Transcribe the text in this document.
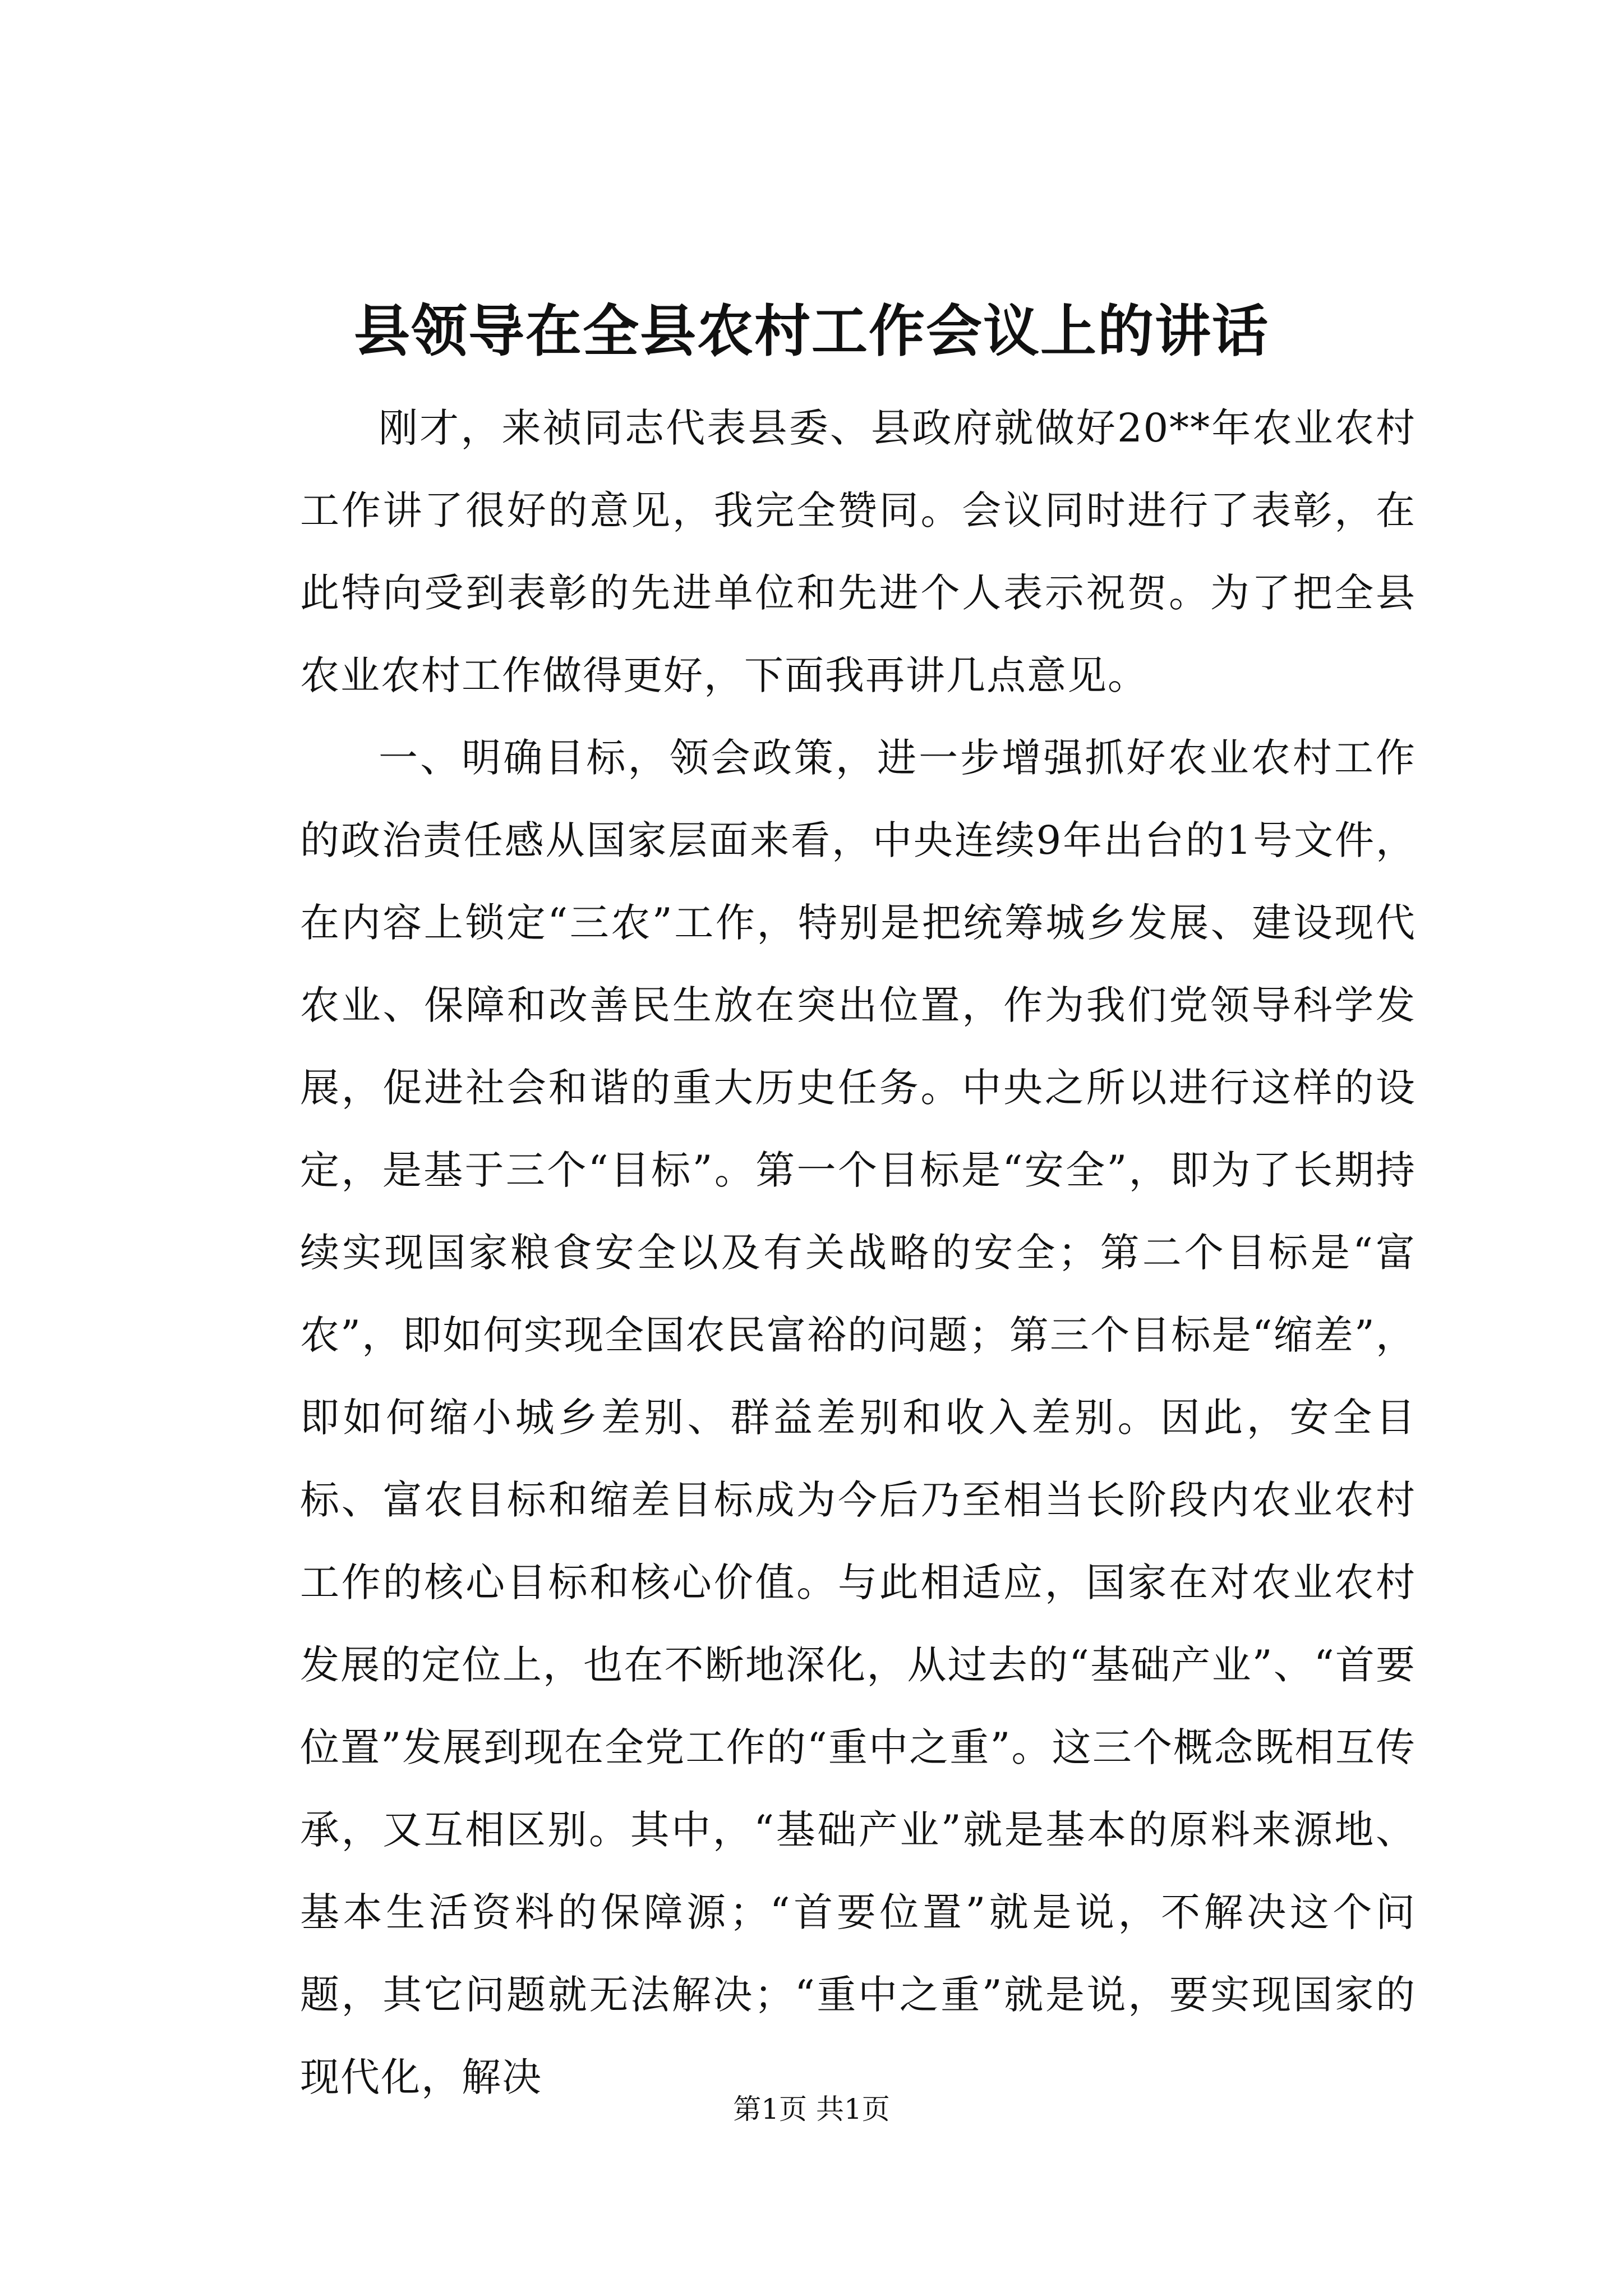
县领导在全县农村工作会议上的讲话

刚才，来祯同志代表县委、县政府就做好20**年农业农村工作讲了很好的意见，我完全赞同。会议同时进行了表彰，在此特向受到表彰的先进单位和先进个人表示祝贺。为了把全县农业农村工作做得更好，下面我再讲几点意见。

一、明确目标，领会政策，进一步增强抓好农业农村工作的政治责任感从国家层面来看，中央连续9年出台的1号文件，在内容上锁定“三农”工作，特别是把统筹城乡发展、建设现代农业、保障和改善民生放在突出位置，作为我们党领导科学发展，促进社会和谐的重大历史任务。中央之所以进行这样的设定，是基于三个“目标”。第一个目标是“安全”，即为了长期持续实现国家粮食安全以及有关战略的安全；第二个目标是“富农”，即如何实现全国农民富裕的问题；第三个目标是“缩差”，即如何缩小城乡差别、群益差别和收入差别。因此，安全目标、富农目标和缩差目标成为今后乃至相当长阶段内农业农村工作的核心目标和核心价值。与此相适应，国家在对农业农村发展的定位上，也在不断地深化，从过去的“基础产业”、“首要位置”发展到现在全党工作的“重中之重”。这三个概念既相互传承，又互相区别。其中，“基础产业”就是基本的原料来源地、基本生活资料的保障源；“首要位置”就是说，不解决这个问题，其它问题就无法解决；“重中之重”就是说，要实现国家的现代化，解决

第1页 共1页
